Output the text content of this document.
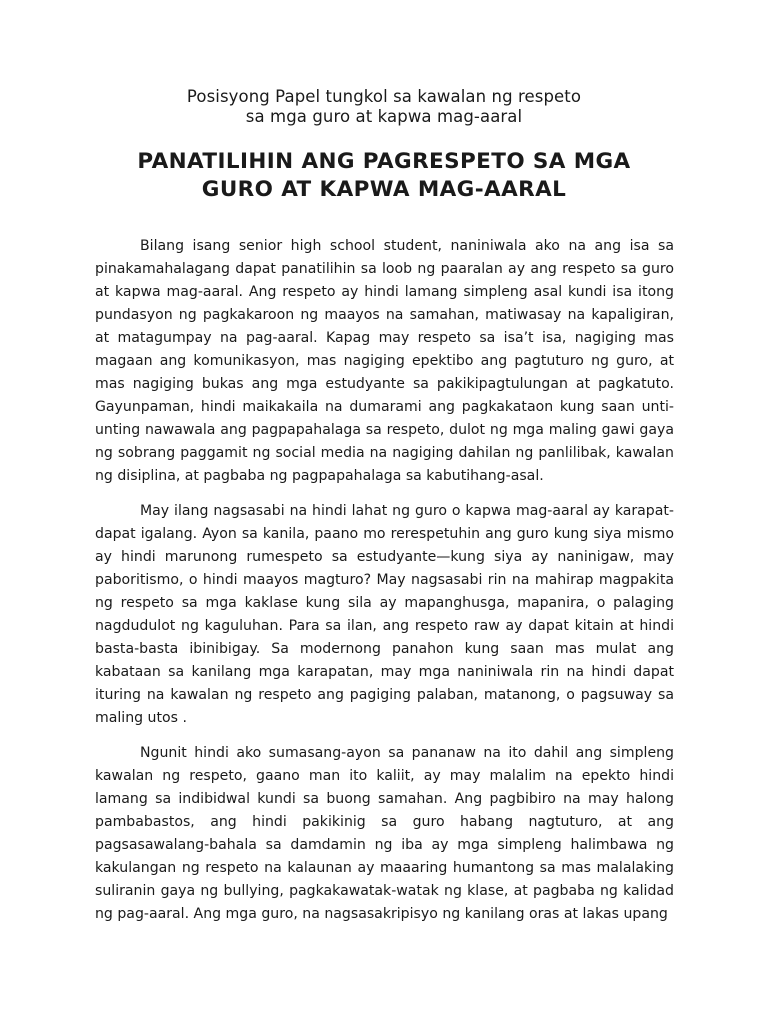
Posisyong Papel tungkol sa kawalan ng respeto
sa mga guro at kapwa mag-aaral
PANATILIHIN ANG PAGRESPETO SA MGA
GURO AT KAPWA MAG-AARAL
Bilang isang senior high school student, naniniwala ako na ang isa sa
pinakamahalagang dapat panatilihin sa loob ng paaralan ay ang respeto sa guro
at kapwa mag-aaral. Ang respeto ay hindi lamang simpleng asal kundi isa itong
pundasyon ng pagkakaroon ng maayos na samahan, matiwasay na kapaligiran,
at matagumpay na pag-aaral. Kapag may respeto sa isa’t isa, nagiging mas
magaan ang komunikasyon, mas nagiging epektibo ang pagtuturo ng guro, at
mas nagiging bukas ang mga estudyante sa pakikipagtulungan at pagkatuto.
Gayunpaman, hindi maikakaila na dumarami ang pagkakataon kung saan unti-
unting nawawala ang pagpapahalaga sa respeto, dulot ng mga maling gawi gaya
ng sobrang paggamit ng social media na nagiging dahilan ng panlilibak, kawalan
ng disiplina, at pagbaba ng pagpapahalaga sa kabutihang-asal.
May ilang nagsasabi na hindi lahat ng guro o kapwa mag-aaral ay karapat-
dapat igalang. Ayon sa kanila, paano mo rerespetuhin ang guro kung siya mismo
ay hindi marunong rumespeto sa estudyante—kung siya ay naninigaw, may
paboritismo, o hindi maayos magturo? May nagsasabi rin na mahirap magpakita
ng respeto sa mga kaklase kung sila ay mapanghusga, mapanira, o palaging
nagdudulot ng kaguluhan. Para sa ilan, ang respeto raw ay dapat kitain at hindi
basta-basta ibinibigay. Sa modernong panahon kung saan mas mulat ang
kabataan sa kanilang mga karapatan, may mga naniniwala rin na hindi dapat
ituring na kawalan ng respeto ang pagiging palaban, matanong, o pagsuway sa
maling utos .
Ngunit hindi ako sumasang-ayon sa pananaw na ito dahil ang simpleng
kawalan ng respeto, gaano man ito kaliit, ay may malalim na epekto hindi
lamang sa indibidwal kundi sa buong samahan. Ang pagbibiro na may halong
pambabastos, ang hindi pakikinig sa guro habang nagtuturo, at ang
pagsasawalang-bahala sa damdamin ng iba ay mga simpleng halimbawa ng
kakulangan ng respeto na kalaunan ay maaaring humantong sa mas malalaking
suliranin gaya ng bullying, pagkakawatak-watak ng klase, at pagbaba ng kalidad
ng pag-aaral. Ang mga guro, na nagsasakripisyo ng kanilang oras at lakas upang
